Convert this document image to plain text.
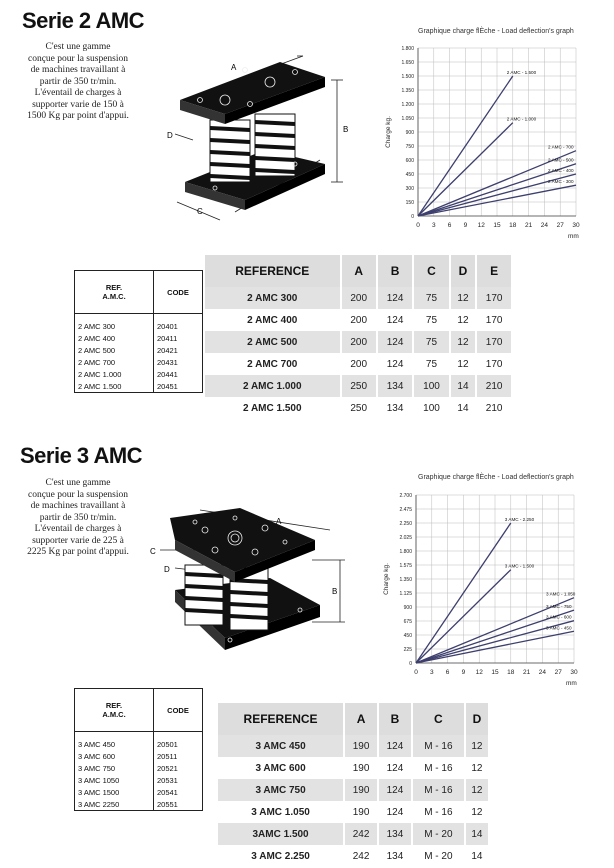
Serie 2 AMC
C'est une gamme
conçue pour la suspension
de machines travaillant à
partir de 350 tr/min.
L'éventail de charges à
supporter varie de 150 à
1500 Kg par point d'appui.
A
B
C
D
E
Graphique charge flÈche - Load deflection's graph
0 3 6 9 12 15 18 21 24 27 30
0
150
300
450
600
750
900
1.050
1.200
1.350
1.500
1.650
1.800
Charge kg.
mm
2 AMC - 1.500
2 AMC - 1.000
2 AMC - 700
2 AMC - 500
2 AMC - 400
2 AMC - 300
REF.
A.M.C.	CODE
2 AMC 300	20401
2 AMC 400	20411
2 AMC 500	20421
2 AMC 700	20431
2 AMC 1.000	20441
2 AMC 1.500	20451
REFERENCE	A	B	C	D	E
2 AMC 300	200	124	75	12	170
2 AMC 400	200	124	75	12	170
2 AMC 500	200	124	75	12	170
2 AMC 700	200	124	75	12	170
2 AMC 1.000	250	134	100	14	210
2 AMC 1.500	250	134	100	14	210
Serie 3 AMC
C'est une gamme
conçue pour la suspension
de machines travaillant à
partir de 350 tr/min.
L'éventail de charges à
supporter varie de 225 à
2225 Kg par point d'appui.
A
B
C
D
Graphique charge flÈche - Load deflection's graph
0 3 6 9 12 15 18 21 24 27 30
0
225
450
675
900
1.125
1.350
1.575
1.800
2.025
2.250
2.475
2.700
Charge kg.
mm
3 AMC - 2.250
3 AMC - 1.500
3 AMC - 1.050
3 AMC - 750
3 AMC - 600
3 AMC - 450
REF.
A.M.C.	CODE
3 AMC 450	20501
3 AMC 600	20511
3 AMC 750	20521
3 AMC 1050	20531
3 AMC 1500	20541
3 AMC 2250	20551
REFERENCE	A	B	C	D
3 AMC 450	190	124	M - 16	12
3 AMC 600	190	124	M - 16	12
3 AMC 750	190	124	M - 16	12
3 AMC 1.050	190	124	M - 16	12
3AMC 1.500	242	134	M - 20	14
3 AMC 2.250	242	134	M - 20	14
